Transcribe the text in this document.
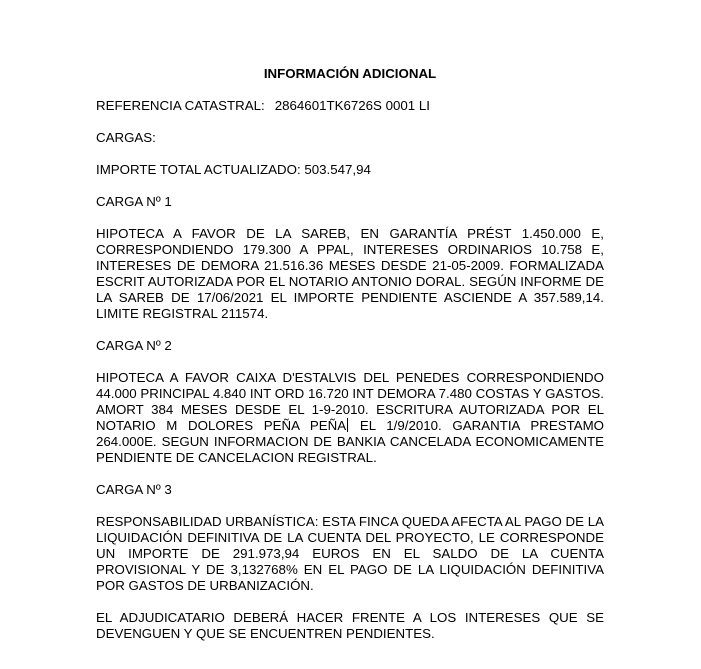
INFORMACIÓN ADICIONAL
REFERENCIA CATASTRAL: 2864601TK6726S 0001 LI
CARGAS:
IMPORTE TOTAL ACTUALIZADO: 503.547,94
CARGA Nº 1
HIPOTECA A FAVOR DE LA SAREB, EN GARANTÍA PRÉST 1.450.000 E, CORRESPONDIENDO 179.300 A PPAL, INTERESES ORDINARIOS 10.758 E, INTERESES DE DEMORA 21.516.36 MESES DESDE 21-05-2009. FORMALIZADA ESCRIT AUTORIZADA POR EL NOTARIO ANTONIO DORAL. SEGÚN INFORME DE LA SAREB DE 17/06/2021 EL IMPORTE PENDIENTE ASCIENDE A 357.589,14. LIMITE REGISTRAL 211574.
CARGA Nº 2
HIPOTECA A FAVOR CAIXA D'ESTALVIS DEL PENEDES CORRESPONDIENDO 44.000 PRINCIPAL 4.840 INT ORD 16.720 INT DEMORA 7.480 COSTAS Y GASTOS. AMORT 384 MESES DESDE EL 1-9-2010. ESCRITURA AUTORIZADA POR EL NOTARIO M DOLORES PEÑA PEÑA EL 1/9/2010. GARANTIA PRESTAMO 264.000E. SEGUN INFORMACION DE BANKIA CANCELADA ECONOMICAMENTE PENDIENTE DE CANCELACION REGISTRAL.
CARGA Nº 3
RESPONSABILIDAD URBANÍSTICA: ESTA FINCA QUEDA AFECTA AL PAGO DE LA LIQUIDACIÓN DEFINITIVA DE LA CUENTA DEL PROYECTO, LE CORRESPONDE UN IMPORTE DE 291.973,94 EUROS EN EL SALDO DE LA CUENTA PROVISIONAL Y DE 3,132768% EN EL PAGO DE LA LIQUIDACIÓN DEFINITIVA POR GASTOS DE URBANIZACIÓN.
EL ADJUDICATARIO DEBERÁ HACER FRENTE A LOS INTERESES QUE SE DEVENGUEN Y QUE SE ENCUENTREN PENDIENTES.
